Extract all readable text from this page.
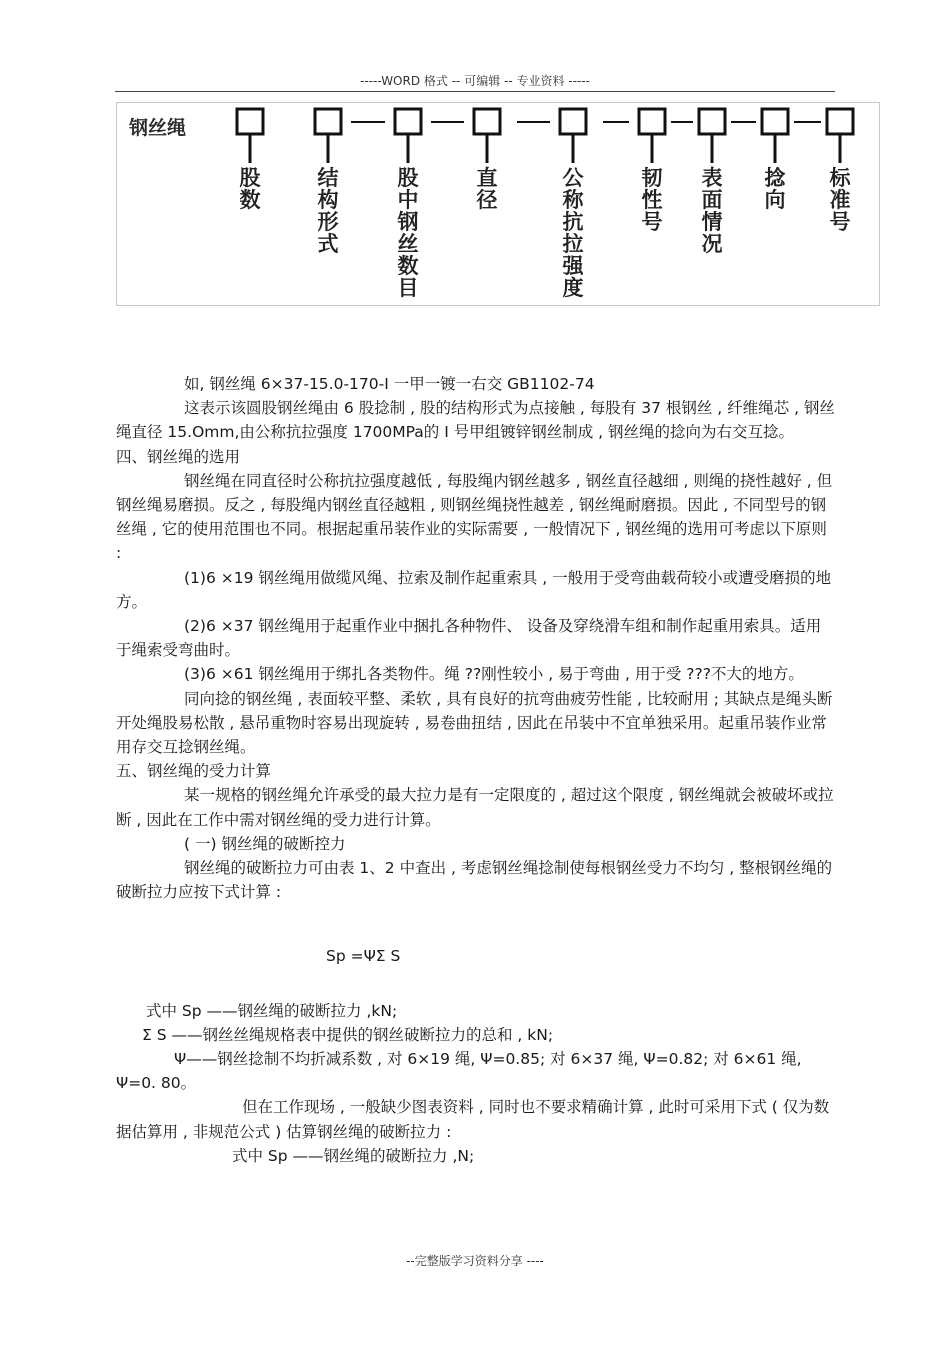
-----WORD 格式 -- 可编辑 -- 专业资料 -----
钢丝绳
股数
结构形式
股中钢丝数目
直径
公称抗拉强度
韧性号
表面情况
捻向
标准号

如, 钢丝绳 6×37-15.0-170-I 一甲一镀一右交 GB1102-74

这表示该圆股钢丝绳由 6 股捻制 , 股的结构形式为点接触 , 每股有 37 根钢丝 , 纤维绳芯 , 钢丝绳直径 15.Omm,由公称抗拉强度 1700MPa的 I 号甲组镀锌钢丝制成 , 钢丝绳的捻向为右交互捻。

四、钢丝绳的选用

钢丝绳在同直径时公称抗拉强度越低 , 每股绳内钢丝越多 , 钢丝直径越细 , 则绳的挠性越好 , 但钢丝绳易磨损。反之 , 每股绳内钢丝直径越粗 , 则钢丝绳挠性越差 , 钢丝绳耐磨损。因此 , 不同型号的钢丝绳 , 它的使用范围也不同。根据起重吊装作业的实际需要 , 一般情况下 , 钢丝绳的选用可考虑以下原则 :

(1)6 ×19 钢丝绳用做缆风绳、拉索及制作起重索具 , 一般用于受弯曲载荷较小或遭受磨损的地方。

(2)6 ×37 钢丝绳用于起重作业中捆扎各种物件、 设备及穿绕滑车组和制作起重用索具。适用于绳索受弯曲时。

(3)6 ×61 钢丝绳用于绑扎各类物件。绳 ??刚性较小 , 易于弯曲 , 用于受 ???不大的地方。

同向捻的钢丝绳 , 表面较平整、柔软 , 具有良好的抗弯曲疲劳性能 , 比较耐用 ; 其缺点是绳头断开处绳股易松散 , 悬吊重物时容易出现旋转 , 易卷曲扭结 , 因此在吊装中不宜单独采用。起重吊装作业常用存交互捻钢丝绳。

五、钢丝绳的受力计算

某一规格的钢丝绳允许承受的最大拉力是有一定限度的 , 超过这个限度 , 钢丝绳就会被破坏或拉断 , 因此在工作中需对钢丝绳的受力进行计算。

( 一) 钢丝绳的破断控力

钢丝绳的破断拉力可由表 1、2 中查出 , 考虑钢丝绳捻制使每根钢丝受力不均匀 , 整根钢丝绳的破断拉力应按下式计算 :

Sp =ΨΣ S

式中 Sp ——钢丝绳的破断拉力 ,kN;

Σ S ——钢丝丝绳规格表中提供的钢丝破断拉力的总和 , kN;

Ψ——钢丝捻制不均折减系数 , 对 6×19 绳, Ψ=0.85; 对 6×37 绳, Ψ=0.82; 对 6×61 绳, Ψ=0. 80。

但在工作现场 , 一般缺少图表资料 , 同时也不要求精确计算 , 此时可采用下式 ( 仅为数据估算用 , 非规范公式 ) 估算钢丝绳的破断拉力 :

式中 Sp ——钢丝绳的破断拉力 ,N;

--完整版学习资料分享 ----
